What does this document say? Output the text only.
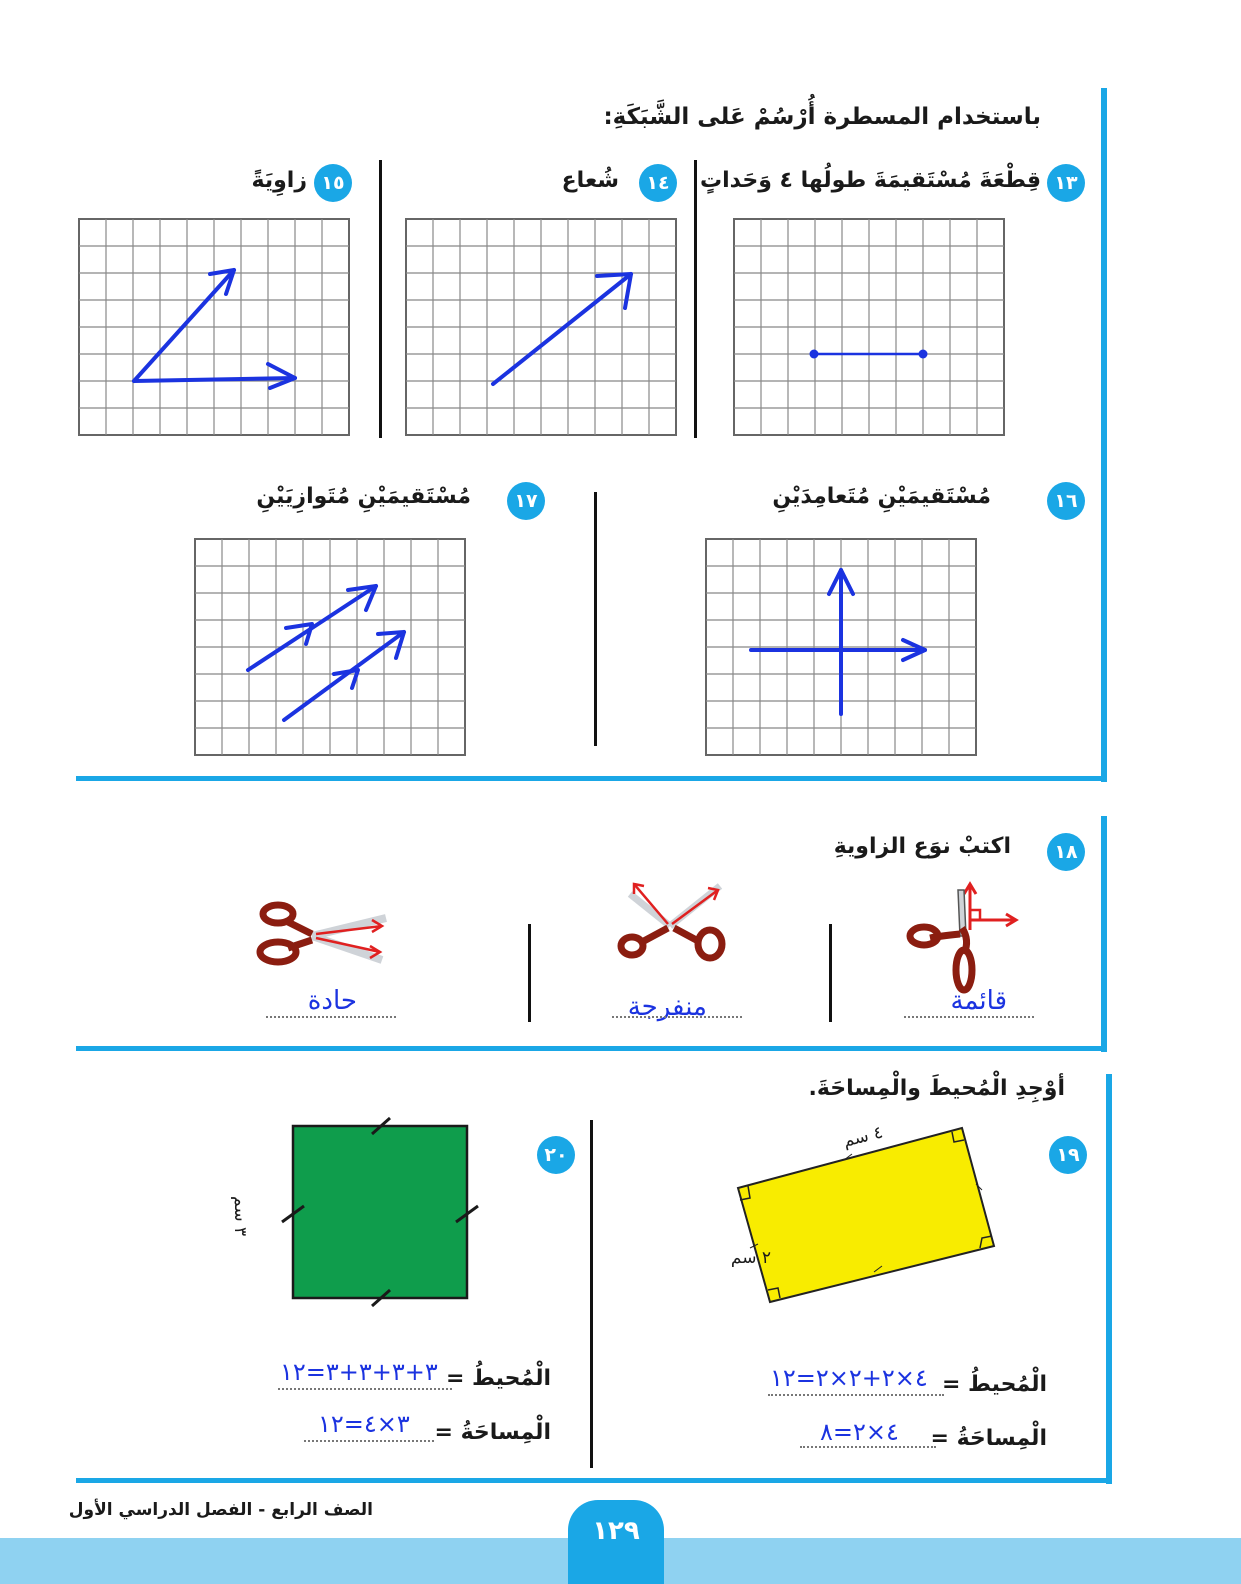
باستخدام المسطرة أُرْسُمْ عَلى الشَّبَكَةِ:
١٣
قِطْعَةَ مُسْتَقيمَةَ طولُها ٤ وَحَداتٍ
١٤
شُعاع
١٥
زاوِيَةً
١٦
مُسْتَقيمَيْنِ مُتَعامِدَيْنِ
١٧
مُسْتَقيمَيْنِ مُتَوازِيَيْنِ
١٨
اكتبْ نوَع الزاويةِ
قائمة
منفرجة
حادة
أوْجِدِ الْمُحيطَ والْمِساحَةَ.
١٩
٤ سم
٢ سم
الْمُحيطُ =
٤×٢+٢×٢=١٢
الْمِساحَةُ =
٤×٢=٨
٢٠
٣ سم
الْمُحيطُ =
٣+٣+٣+٣=١٢
الْمِساحَةُ =
٣×٤=١٢
١٢٩
الصف الرابع - الفصل الدراسي الأول
